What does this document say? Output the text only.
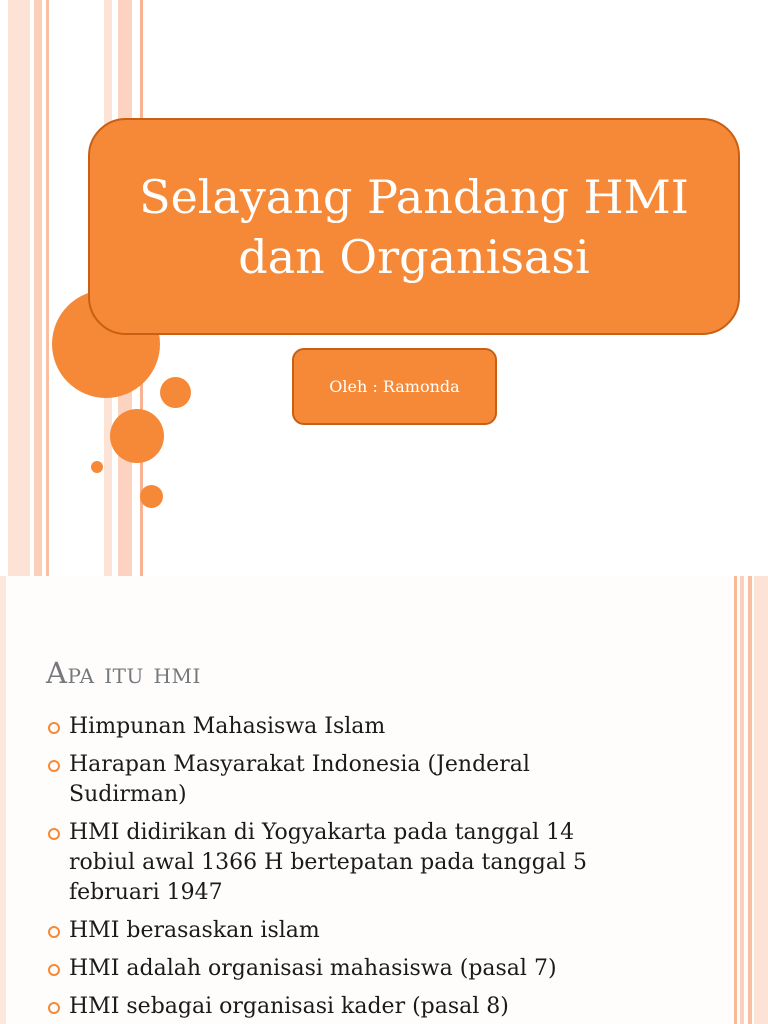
Selayang Pandang HMI
dan Organisasi
Oleh : Ramonda
Apa itu hmi
Himpunan Mahasiswa Islam
Harapan Masyarakat Indonesia (Jenderal Sudirman)
HMI didirikan di Yogyakarta pada tanggal 14 robiul awal 1366 H bertepatan pada tanggal 5 februari 1947
HMI berasaskan islam
HMI adalah organisasi mahasiswa (pasal 7)
HMI sebagai organisasi kader (pasal 8)
